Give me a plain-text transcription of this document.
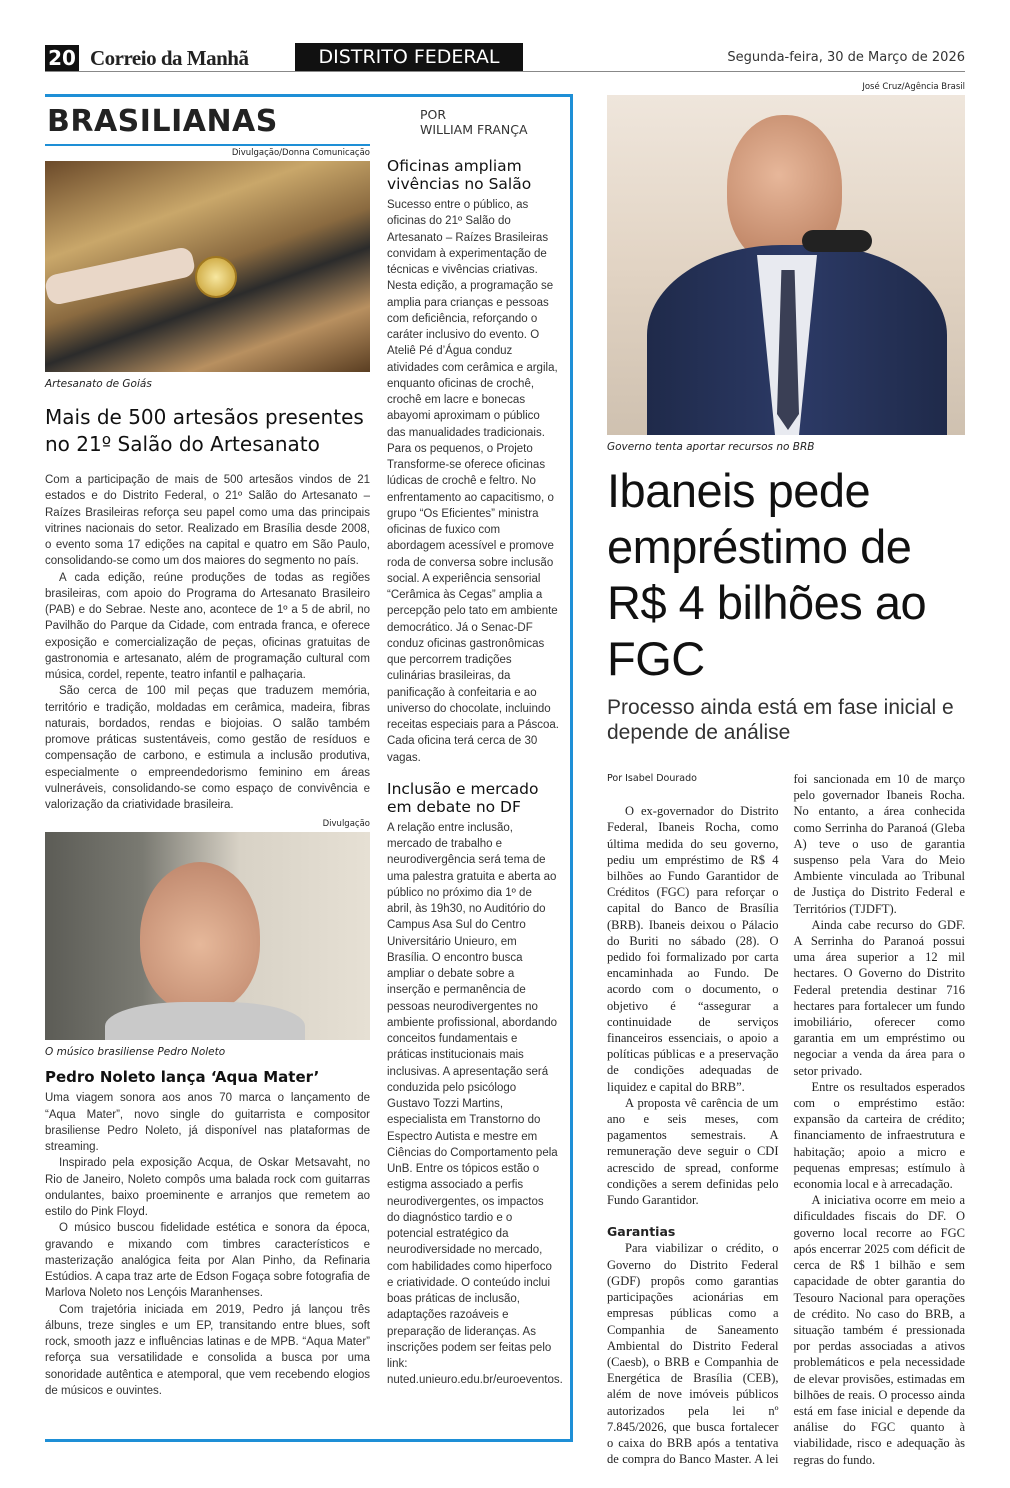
20 Correio da Manhã	DISTRITO FEDERAL	Segunda-feira, 30 de Março de 2026
BRASILIANAS	POR
WILLIAM FRANÇA
Divulgação/Donna Comunicação
Artesanato de Goiás
Mais de 500 artesãos presentes no 21º Salão do Artesanato

Com a participação de mais de 500 artesãos vindos de 21 estados e do Distrito Federal, o 21º Salão do Artesanato – Raízes Brasileiras reforça seu papel como uma das principais vitrines nacionais do setor. Realizado em Brasília desde 2008, o evento soma 17 edições na capital e quatro em São Paulo, consolidando-se como um dos maiores do segmento no país.

A cada edição, reúne produções de todas as regiões brasileiras, com apoio do Programa do Artesanato Brasileiro (PAB) e do Sebrae. Neste ano, acontece de 1º a 5 de abril, no Pavilhão do Parque da Cidade, com entrada franca, e oferece exposição e comercialização de peças, oficinas gratuitas de gastronomia e artesanato, além de programação cultural com música, cordel, repente, teatro infantil e palhaçaria.

São cerca de 100 mil peças que traduzem memória, território e tradição, moldadas em cerâmica, madeira, fibras naturais, bordados, rendas e biojoias. O salão também promove práticas sustentáveis, como gestão de resíduos e compensação de carbono, e estimula a inclusão produtiva, especialmente o empreendedorismo feminino em áreas vulneráveis, consolidando-se como espaço de convivência e valorização da criatividade brasileira.

Divulgação
O músico brasiliense Pedro Noleto
Pedro Noleto lança ‘Aqua Mater’

Uma viagem sonora aos anos 70 marca o lançamento de “Aqua Mater”, novo single do guitarrista e compositor brasiliense Pedro Noleto, já disponível nas plataformas de streaming.

Inspirado pela exposição Acqua, de Oskar Metsavaht, no Rio de Janeiro, Noleto compôs uma balada rock com guitarras ondulantes, baixo proeminente e arranjos que remetem ao estilo do Pink Floyd.

O músico buscou fidelidade estética e sonora da época, gravando e mixando com timbres característicos e masterização analógica feita por Alan Pinho, da Refinaria Estúdios. A capa traz arte de Edson Fogaça sobre fotografia de Marlova Noleto nos Lençóis Maranhenses.

Com trajetória iniciada em 2019, Pedro já lançou três álbuns, treze singles e um EP, transitando entre blues, soft rock, smooth jazz e influências latinas e de MPB. “Aqua Mater” reforça sua versatilidade e consolida a busca por uma sonoridade autêntica e atemporal, que vem recebendo elogios de músicos e ouvintes.

Oficinas ampliam vivências no Salão

Sucesso entre o público, as oficinas do 21º Salão do Artesanato – Raízes Brasileiras convidam à experimentação de técnicas e vivências criativas. Nesta edição, a programação se amplia para crianças e pessoas com deficiência, reforçando o caráter inclusivo do evento. O Ateliê Pé d’Água conduz atividades com cerâmica e argila, enquanto oficinas de crochê, crochê em lacre e bonecas abayomi aproximam o público das manualidades tradicionais. Para os pequenos, o Projeto Transforme-se oferece oficinas lúdicas de crochê e feltro. No enfrentamento ao capacitismo, o grupo “Os Eficientes” ministra oficinas de fuxico com abordagem acessível e promove roda de conversa sobre inclusão social. A experiência sensorial “Cerâmica às Cegas” amplia a percepção pelo tato em ambiente democrático. Já o Senac-DF conduz oficinas gastronômicas que percorrem tradições culinárias brasileiras, da panificação à confeitaria e ao universo do chocolate, incluindo receitas especiais para a Páscoa. Cada oficina terá cerca de 30 vagas.

Inclusão e mercado em debate no DF

A relação entre inclusão, mercado de trabalho e neurodivergência será tema de uma palestra gratuita e aberta ao público no próximo dia 1º de abril, às 19h30, no Auditório do Campus Asa Sul do Centro Universitário Unieuro, em Brasília. O encontro busca ampliar o debate sobre a inserção e permanência de pessoas neurodivergentes no ambiente profissional, abordando conceitos fundamentais e práticas institucionais mais inclusivas. A apresentação será conduzida pelo psicólogo Gustavo Tozzi Martins, especialista em Transtorno do Espectro Autista e mestre em Ciências do Comportamento pela UnB. Entre os tópicos estão o estigma associado a perfis neurodivergentes, os impactos do diagnóstico tardio e o potencial estratégico da neurodiversidade no mercado, com habilidades como hiperfoco e criatividade. O conteúdo inclui boas práticas de inclusão, adaptações razoáveis e preparação de lideranças. As inscrições podem ser feitas pelo link: nuted.unieuro.edu.br/euroeventos.

José Cruz/Agência Brasil
Governo tenta aportar recursos no BRB
Ibaneis pede empréstimo de R$ 4 bilhões ao FGC
Processo ainda está em fase inicial e depende de análise
Por Isabel Dourado

O ex-governador do Distrito Federal, Ibaneis Rocha, como última medida do seu governo, pediu um empréstimo de R$ 4 bilhões ao Fundo Garantidor de Créditos (FGC) para reforçar o capital do Banco de Brasília (BRB). Ibaneis deixou o Pálacio do Buriti no sábado (28). O pedido foi formalizado por carta encaminhada ao Fundo. De acordo com o documento, o objetivo é “assegurar a continuidade de serviços financeiros essenciais, o apoio a políticas públicas e a preservação de condições adequadas de liquidez e capital do BRB”.

A proposta vê carência de um ano e seis meses, com pagamentos semestrais. A remuneração deve seguir o CDI acrescido de spread, conforme condições a serem definidas pelo Fundo Garantidor.

Garantias

Para viabilizar o crédito, o Governo do Distrito Federal (GDF) propôs como garantias participações acionárias em empresas públicas como a Companhia de Saneamento Ambiental do Distrito Federal (Caesb), o BRB e Companhia de Energética de Brasília (CEB), além de nove imóveis públicos autorizados pela lei nº 7.845/2026, que busca fortalecer o caixa do BRB após a tentativa de compra do Banco Master. A lei foi sancionada em 10 de março pelo governador Ibaneis Rocha. No entanto, a área conhecida como Serrinha do Paranoá (Gleba A) teve o uso de garantia suspenso pela Vara do Meio Ambiente vinculada ao Tribunal de Justiça do Distrito Federal e Territórios (TJDFT).

Ainda cabe recurso do GDF. A Serrinha do Paranoá possui uma área superior a 12 mil hectares. O Governo do Distrito Federal pretendia destinar 716 hectares para fortalecer um fundo imobiliário, oferecer como garantia em um empréstimo ou negociar a venda da área para o setor privado.

Entre os resultados esperados com o empréstimo estão: expansão da carteira de crédito; financiamento de infraestrutura e habitação; apoio a micro e pequenas empresas; estímulo à economia local e à arrecadação.

A iniciativa ocorre em meio a dificuldades fiscais do DF. O governo local recorre ao FGC após encerrar 2025 com déficit de cerca de R$ 1 bilhão e sem capacidade de obter garantia do Tesouro Nacional para operações de crédito. No caso do BRB, a situação também é pressionada por perdas associadas a ativos problemáticos e pela necessidade de elevar provisões, estimadas em bilhões de reais. O processo ainda está em fase inicial e depende da análise do FGC quanto à viabilidade, risco e adequação às regras do fundo.
